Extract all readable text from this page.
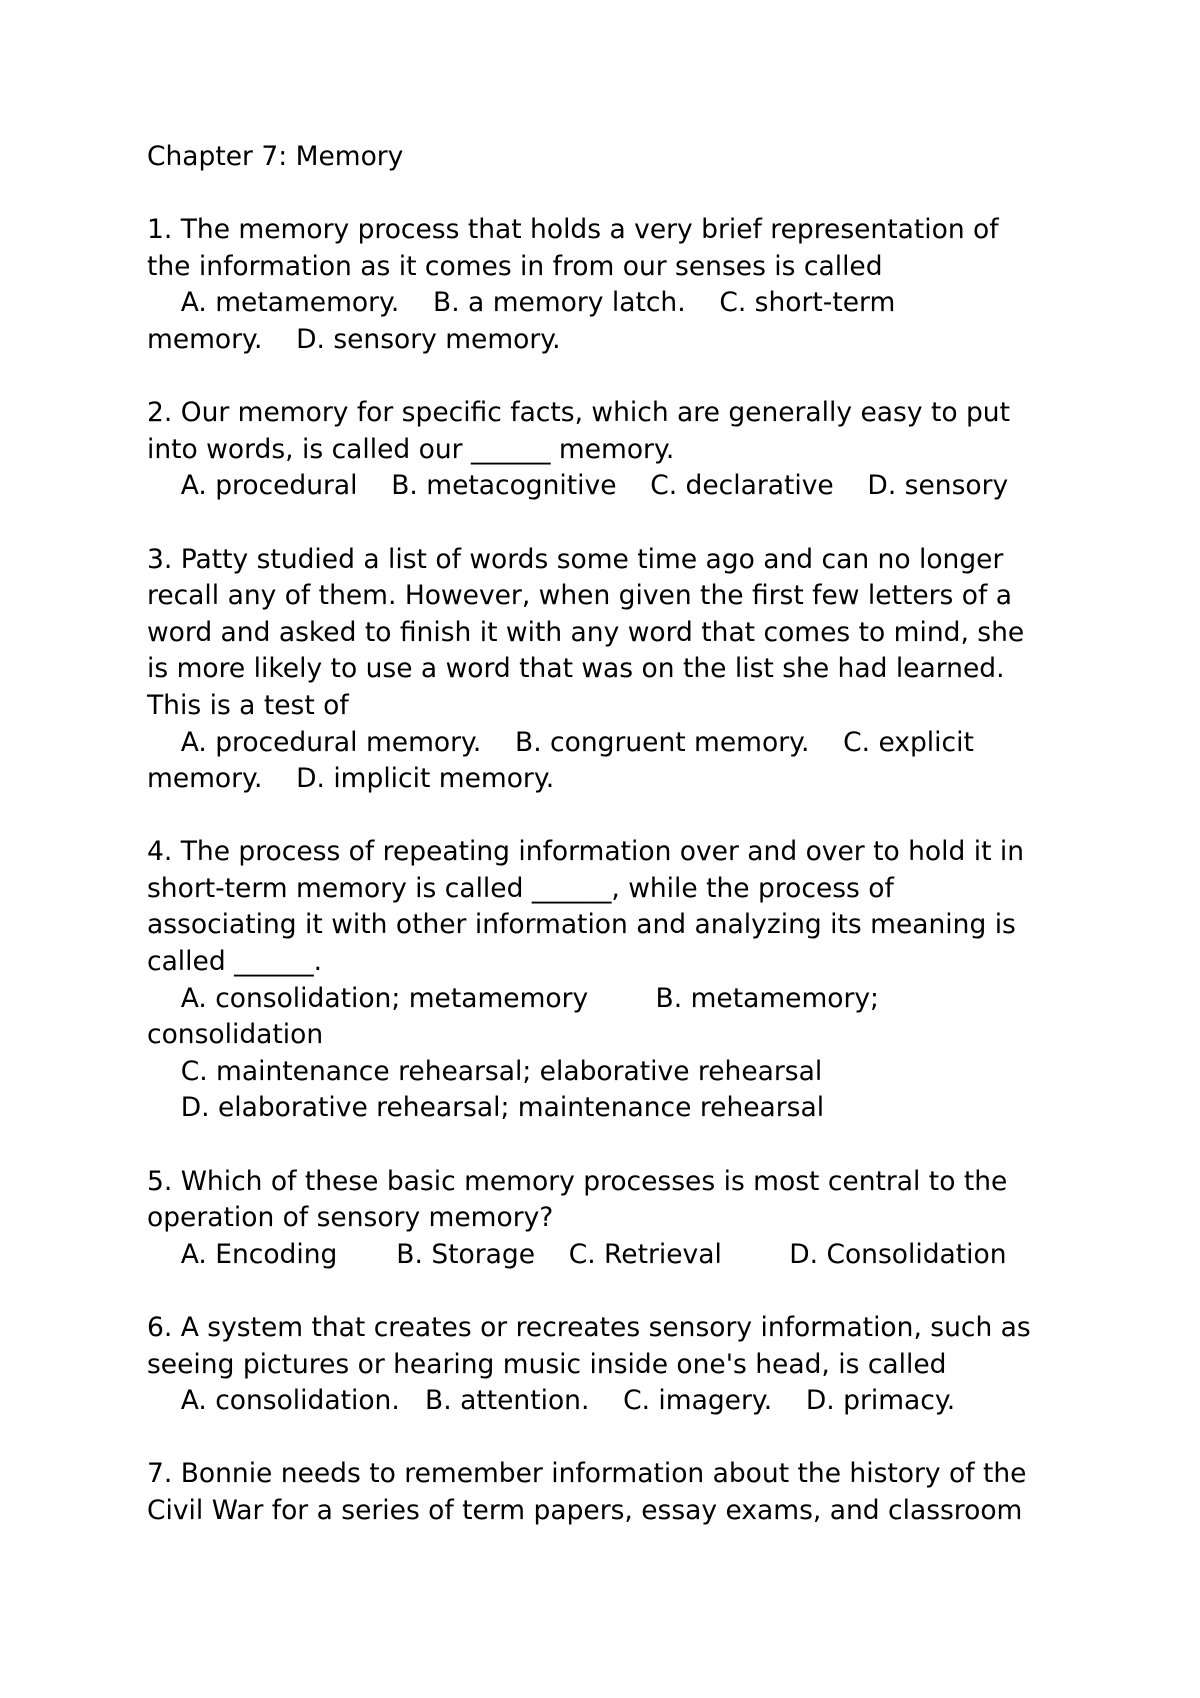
Chapter 7: Memory
1. The memory process that holds a very brief representation of
the information as it comes in from our senses is called
A. metamemory.    B. a memory latch.    C. short-term
memory.    D. sensory memory.
2. Our memory for specific facts, which are generally easy to put
into words, is called our ______ memory.
A. procedural    B. metacognitive    C. declarative    D. sensory
3. Patty studied a list of words some time ago and can no longer
recall any of them. However, when given the first few letters of a
word and asked to finish it with any word that comes to mind, she
is more likely to use a word that was on the list she had learned.
This is a test of
A. procedural memory.    B. congruent memory.    C. explicit
memory.    D. implicit memory.
4. The process of repeating information over and over to hold it in
short-term memory is called ______, while the process of
associating it with other information and analyzing its meaning is
called ______.
A. consolidation; metamemory        B. metamemory;
consolidation
C. maintenance rehearsal; elaborative rehearsal
D. elaborative rehearsal; maintenance rehearsal
5. Which of these basic memory processes is most central to the
operation of sensory memory?
A. Encoding       B. Storage    C. Retrieval        D. Consolidation
6. A system that creates or recreates sensory information, such as
seeing pictures or hearing music inside one's head, is called
A. consolidation.   B. attention.    C. imagery.    D. primacy.
7. Bonnie needs to remember information about the history of the
Civil War for a series of term papers, essay exams, and classroom
